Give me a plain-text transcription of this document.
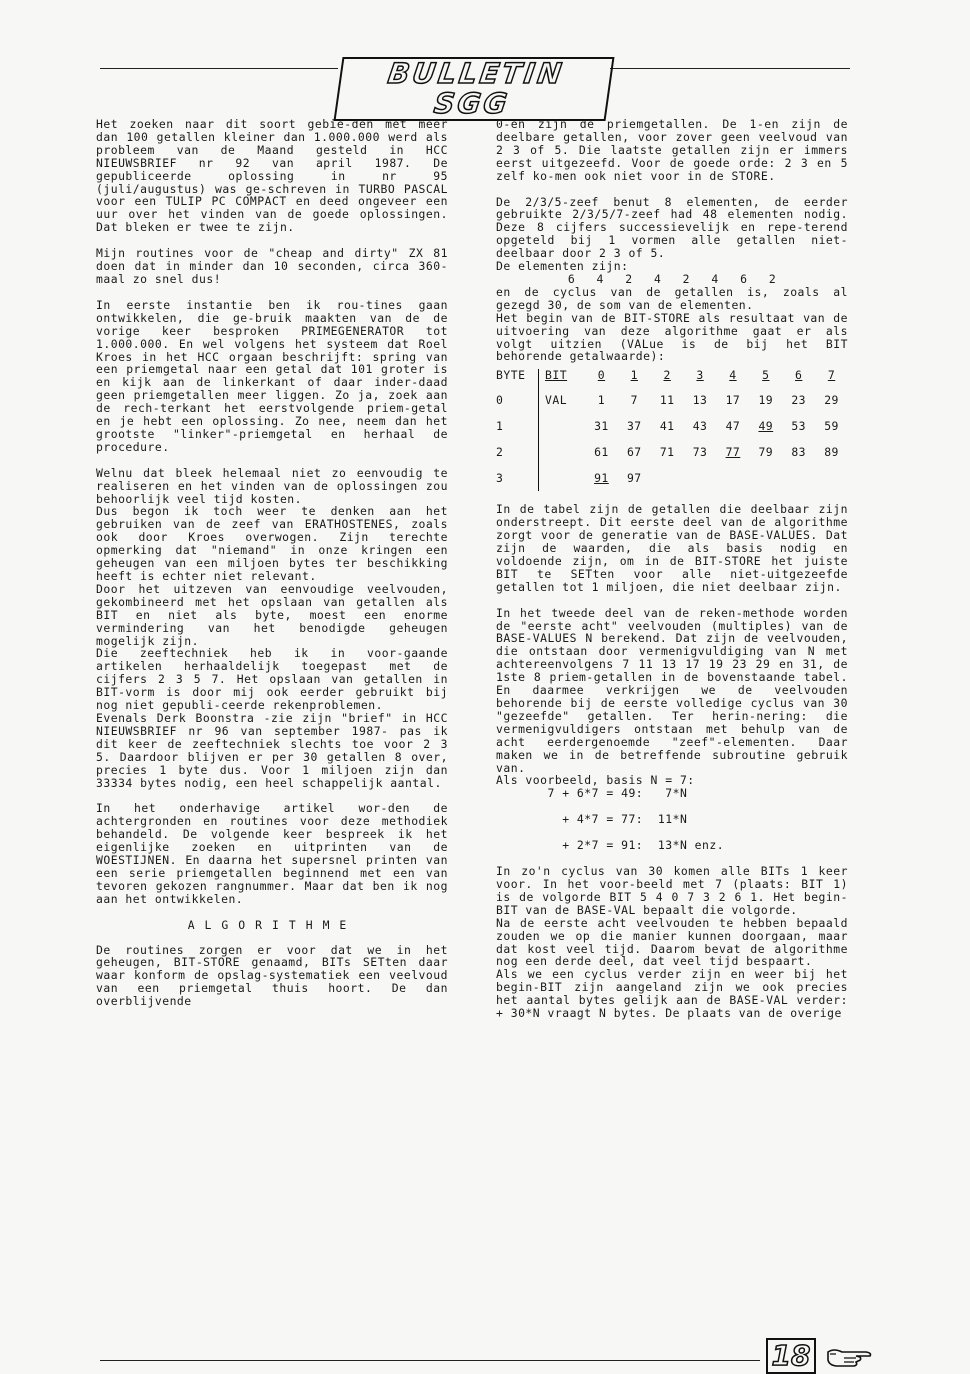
BULLETIN SGG

Het zoeken naar dit soort gebie-den met meer dan 100 getallen kleiner dan 1.000.000 werd als probleem van de Maand gesteld in HCC NIEUWSBRIEF nr 92 van april 1987. De gepubliceerde oplossing in nr 95 (juli/augustus) was ge-schreven in TURBO PASCAL voor een TULIP PC COMPACT en deed ongeveer een uur over het vinden van de goede oplossingen. Dat bleken er twee te zijn.

Mijn routines voor de "cheap and dirty" ZX 81 doen dat in minder dan 10 seconden, circa 360-maal zo snel dus!

In eerste instantie ben ik rou-tines gaan ontwikkelen, die ge-bruik maakten van de de vorige keer besproken PRIMEGENERATOR tot 1.000.000. En wel volgens het systeem dat Roel Kroes in het HCC orgaan beschrijft: spring van een priemgetal naar een getal dat 101 groter is en kijk aan de linkerkant of daar inder-daad geen priemgetallen meer liggen. Zo ja, zoek aan de rech-terkant het eerstvolgende priem-getal en je hebt een oplossing. Zo nee, neem dan het grootste "linker"-priemgetal en herhaal de procedure.

Welnu dat bleek helemaal niet zo eenvoudig te realiseren en het vinden van de oplossingen zou behoorlijk veel tijd kosten.

Dus begon ik toch weer te denken aan het gebruiken van de zeef van ERATHOSTENES, zoals ook door Kroes overwogen. Zijn terechte opmerking dat "niemand" in onze kringen een geheugen van een miljoen bytes ter beschikking heeft is echter niet relevant.

Door het uitzeven van eenvoudige veelvouden, gekombineerd met het opslaan van getallen als BIT en niet als byte, moest een enorme vermindering van het benodigde geheugen mogelijk zijn.

Die zeeftechniek heb ik in voor-gaande artikelen herhaaldelijk toegepast met de cijfers 2 3 5 7. Het opslaan van getallen in BIT-vorm is door mij ook eerder gebruikt bij nog niet gepubli-ceerde rekenproblemen.

Evenals Derk Boonstra -zie zijn "brief" in HCC NIEUWSBRIEF nr 96 van september 1987- pas ik dit keer de zeeftechniek slechts toe voor 2 3 5. Daardoor blijven er per 30 getallen 8 over, precies 1 byte dus. Voor 1 miljoen zijn dan 33334 bytes nodig, een heel schappelijk aantal.

In het onderhavige artikel wor-den de achtergronden en routines voor deze methodiek behandeld. De volgende keer bespreek ik het eigenlijke zoeken en uitprinten van de WOESTIJNEN. En daarna het supersnel printen van een serie priemgetallen beginnend met een van tevoren gekozen rangnummer. Maar dat ben ik nog aan het ontwikkelen.

ALGORITHME

De routines zorgen er voor dat we in het geheugen, BIT-STORE genaamd, BITs SETten daar waar konform de opslag-systematiek een veelvoud van een priemgetal thuis hoort. De dan overblijvende

0-en zijn de priemgetallen. De 1-en zijn de deelbare getallen, voor zover geen veelvoud van 2 3 of 5. Die laatste getallen zijn er immers eerst uitgezeefd. Voor de goede orde: 2 3 en 5 zelf ko-men ook niet voor in de STORE.

De 2/3/5-zeef benut 8 elementen, de eerder gebruikte 2/3/5/7-zeef had 48 elementen nodig. Deze 8 cijfers successievelijk en repe-terend opgeteld bij 1 vormen alle getallen niet-deelbaar door 2 3 of 5.

De elementen zijn:

6 4 2 4 2 4 6 2

en de cyclus van de getallen is, zoals al gezegd 30, de som van de elementen.

Het begin van de BIT-STORE als resultaat van de uitvoering van deze algorithme gaat er als volgt uitzien (VALue is de bij het BIT behorende getalwaarde):

BYTE	BIT	0	1	2	3	4	5	6	7
0	VAL	1	7	11	13	17	19	23	29
1		31	37	41	43	47	49	53	59
2		61	67	71	73	77	79	83	89
3		91	97						

In de tabel zijn de getallen die deelbaar zijn onderstreept. Dit eerste deel van de algorithme zorgt voor de generatie van de BASE-VALUES. Dat zijn de waarden, die als basis nodig en voldoende zijn, om in de BIT-STORE het juiste BIT te SETten voor alle niet-uitgezeefde getallen tot 1 miljoen, die niet deelbaar zijn.

In het tweede deel van de reken-methode worden de "eerste acht" veelvouden (multiples) van de BASE-VALUES N berekend. Dat zijn de veelvouden, die ontstaan door vermenigvuldiging van N met achtereenvolgens 7 11 13 17 19 23 29 en 31, de 1ste 8 priem-getallen in de bovenstaande tabel. En daarmee verkrijgen we de veelvouden behorende bij de eerste volledige cyclus van 30 "gezeefde" getallen. Ter herin-nering: die vermenigvuldigers ontstaan met behulp van de acht eerdergenoemde "zeef"-elementen. Daar maken we in de betreffende subroutine gebruik van.

Als voorbeeld, basis N = 7:

7 + 6*7 = 49:   7*N

+ 4*7 = 77:  11*N

+ 2*7 = 91:  13*N enz.

In zo'n cyclus van 30 komen alle BITs 1 keer voor. In het voor-beeld met 7 (plaats: BIT 1) is de volgorde BIT 5 4 0 7 3 2 6 1. Het begin-BIT van de BASE-VAL bepaalt die volgorde.

Na de eerste acht veelvouden te hebben bepaald zouden we op die manier kunnen doorgaan, maar dat kost veel tijd. Daarom bevat de algorithme nog een derde deel, dat veel tijd bespaart.

Als we een cyclus verder zijn en weer bij het begin-BIT zijn aangeland zijn we ook precies het aantal bytes gelijk aan de BASE-VAL verder: + 30*N vraagt N bytes. De plaats van de overige

18
